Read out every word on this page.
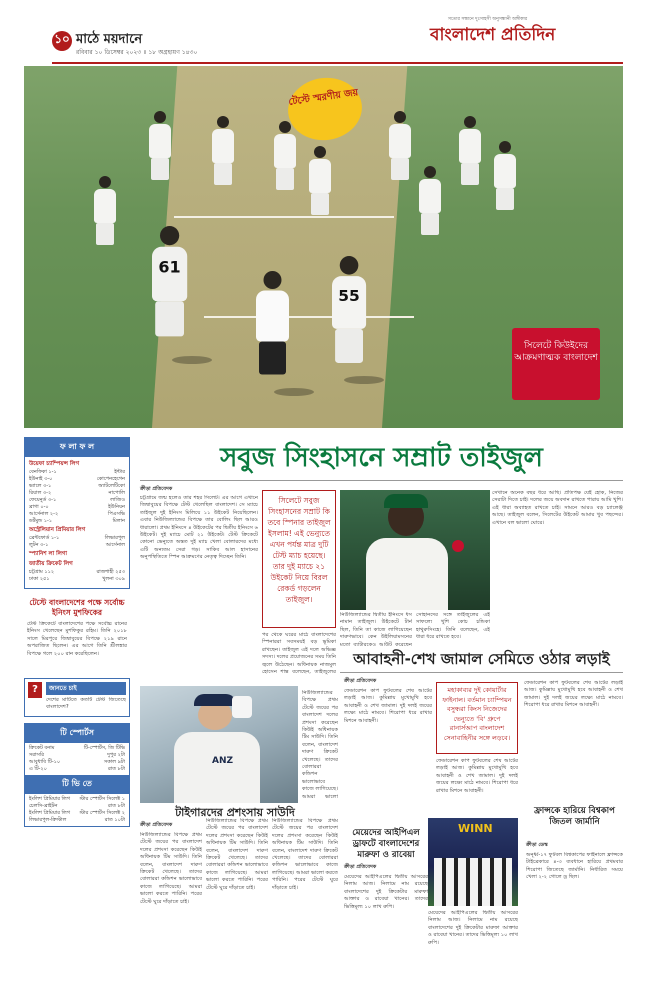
১০ মাঠে ময়দানে
রবিবার ১০ ডিসেম্বর ২০২৩ ॥ ১৮ অগ্রহায়ণ ১৪৩০
সত্যের সন্ধানে দুঃসাহসী অনুসন্ধানী অঙ্গীকার
বাংলাদেশ প্রতিদিন
61
55
টেস্টে স্মরণীয় জয়
সিলেটে কিউইদের আক্রমণাত্মক বাংলাদেশ
ফ লা ফ ল
উয়েফা চ্যাম্পিয়ন্স লিগ
বেনফিকা ১-১	ইন্টার
ইউনাই ৩-০	কোপেনহেগেন
ভ্যালে ৩-১	অ্যাটলেটিকো
রিয়াল ৩-২	নাপোলি
ফেয়েনুর্ড ৩-১	লাজিও
ব্রাগা ০-০	ইউনিয়ন
আর্সেনাল ২-২	পিএসভি
ডর্টমুন্ড ১-১	মিলান
অস্ট্রেলিয়ান প্রিমিয়ার লিগ
ব্রেন্টফোর্ড ১-১	লিভারপুল
লুটন ৩-১	আর্সেনাল
স্প্যানিশ লা লিগা
জাতীয় ক্রিকেট লিগ
চট্টগ্রাম ১১২	রাজশাহী ২৫৩
ঢাকা ২৫১	খুলনা ৩০৯
টেস্টে বাংলাদেশের পক্ষে সর্বোচ্চ ইনিংস মুশফিকের
টেস্ট ক্রিকেটে বাংলাদেশের পক্ষে সর্বোচ্চ রানের ইনিংস খেলেছেন মুশফিকুর রহিম। তিনি ২০১৮ সালে মিরপুরে জিম্বাবুয়ের বিপক্ষে ২১৯ রানে অপরাজিত ছিলেন। এর আগে তিনি শ্রীলঙ্কার বিপক্ষে গলে ২০০ রান করেছিলেন।
?	জানতে চাই
দেশের মাটিতে কতটি টেস্ট জিতেছে বাংলাদেশ?
টি স্পোর্টস
ক্রিকেট বনাম	টি-স্পোর্টস, জি টিভি
সরাসরি	দুপুর ২টা
আবুধাবি টি-১০	সকাল ৯টা
এ টি-২০	রাত ৮টা
টি ভি তে
ইংলিশ প্রিমিয়ার লিগ স্টার স্পোর্টস সিলেক্ট ১
চেলসি-ব্রাইটন	রাত ৮টা
ইংলিশ প্রিমিয়ার লিগ স্টার স্পোর্টস সিলেক্ট ২
লিভারপুল-ক্রিস্টাল	রাত ১০টা
সবুজ সিংহাসনে সম্রাট তাইজুল
ক্রীড়া প্রতিবেদক
চট্টগ্রামে জন্ম হলেও তার শহর সিলেট। এর আগে এখানে জিম্বাবুয়ের বিপক্ষে টেস্ট খেলেছিল বাংলাদেশ। সে ম্যাচে তাইজুল দুই ইনিংস মিলিয়ে ১১ উইকেট নিয়েছিলেন। এবার নিউজিল্যান্ডের বিপক্ষে তার বোলিং ছিল আরও ধারালো। প্রথম ইনিংসে ৪ উইকেটের পর দ্বিতীয় ইনিংসে ৬ উইকেট। দুই ম্যাচে মোট ২১ উইকেট। টেস্ট ক্রিকেটে কোনো ভেন্যুতে অন্তত দুই ম্যাচ খেলা বোলারদের মধ্যে এটি অন্যতম সেরা গড়। সাকিব আল হাসানের অনুপস্থিতিতে স্পিন আক্রমণের নেতৃত্ব দিচ্ছেন তিনি।
সিলেটে সবুজ সিংহাসনের সম্রাট কি তবে স্পিনার তাইজুল ইসলাম! এই ভেন্যুতে এখন পর্যন্ত মাত্র দুটি টেস্ট ম্যাচ হয়েছে। তার দুই ম্যাচে ২১ উইকেট নিয়ে বিরল রেকর্ড গড়লেন তাইজুল।
পর থেকে ঘরের মাঠে বাংলাদেশের স্পিনাররা সবসময়ই বড় ভূমিকা রাখছেন। তাইজুল এই দলে অভিজ্ঞ সদস্য। দলের প্রয়োজনের সময় তিনি জ্বলে উঠেছেন। অধিনায়ক নাজমুল হোসেন শান্ত বলেছেন, তাইজুলের
সেখানে অনেক বছর ধরে আছি। প্রতিপক্ষ যেই হোক, নিজের সেরাটা দিতে চাই। দলের জয়ে অবদান রাখতে পারায় আমি খুশি। এই ধারা অব্যাহত রাখতে চাই। সামনে আরও বড় চ্যালেঞ্জ আছে। তাইজুল বলেন, সিলেটের উইকেট আমার খুব পছন্দের। এখানে বল ভালো ঘোরে।
নিউজিল্যান্ডের দ্বিতীয় ইনিংসে ধস নামান তাইজুল। উইকেটে টার্ন ছিল, তিনি তা কাজে লাগিয়েছেন দারুণভাবে। কেন উইলিয়ামসনের মতো ব্যাটারকেও আউট করেছেন
সোহানদের সঙ্গে তাইজুলের এই সাফল্যে খুশি কোচ চন্ডিকা হাথুরুসিংহে। তিনি বলেছেন, এই ধারা ধরে রাখতে হবে।
আবাহনী-শেখ জামাল সেমিতে ওঠার লড়াই
ক্রীড়া প্রতিবেদক
ফেডারেশন কাপ ফুটবলের শেষ আটের লড়াই আজ। কুমিল্লায় মুখোমুখি হবে আবাহনী ও শেখ জামাল। দুই দলই জয়ের লক্ষ্যে মাঠে নামবে। শিরোপা ধরে রাখার মিশনে আবাহনী।
মহাকাব্যর দুই কোয়ার্টার ফাইনাল। বর্তমান চ্যাম্পিয়ন বসুন্ধরা কিংস নিজেদের ভেন্যুতে 'বি' গ্রুপে রানার্সআপ বাংলাদেশ সেনাবাহিনীর সঙ্গে লড়বে।
ফেডারেশন কাপ ফুটবলের শেষ আটের লড়াই আজ। কুমিল্লায় মুখোমুখি হবে আবাহনী ও শেখ জামাল। দুই দলই জয়ের লক্ষ্যে মাঠে নামবে। শিরোপা ধরে রাখার মিশনে আবাহনী।
ফেডারেশন কাপ ফুটবলের শেষ আটের লড়াই আজ। কুমিল্লায় মুখোমুখি হবে আবাহনী ও শেখ জামাল। দুই দলই জয়ের লক্ষ্যে মাঠে নামবে। শিরোপা ধরে রাখার মিশনে আবাহনী।
ANZ
নিউজিল্যান্ডের বিপক্ষে প্রথম টেস্টে জয়ের পর বাংলাদেশ দলের প্রশংসা করেছেন কিউই অধিনায়ক টিম সাউদি। তিনি বলেন, বাংলাদেশ দারুণ ক্রিকেট খেলেছে। তাদের বোলাররা কন্ডিশন ভালোভাবে কাজে লাগিয়েছে। আমরা ভালো
টাইগারদের প্রশংসায় সাউদি
ক্রীড়া প্রতিবেদক
নিউজিল্যান্ডের বিপক্ষে প্রথম টেস্টে জয়ের পর বাংলাদেশ দলের প্রশংসা করেছেন কিউই অধিনায়ক টিম সাউদি। তিনি বলেন, বাংলাদেশ দারুণ ক্রিকেট খেলেছে। তাদের বোলাররা কন্ডিশন ভালোভাবে কাজে লাগিয়েছে। আমরা ভালো করতে পারিনি। পরের টেস্টে ঘুরে দাঁড়াতে চাই।
নিউজিল্যান্ডের বিপক্ষে প্রথম টেস্টে জয়ের পর বাংলাদেশ দলের প্রশংসা করেছেন কিউই অধিনায়ক টিম সাউদি। তিনি বলেন, বাংলাদেশ দারুণ ক্রিকেট খেলেছে। তাদের বোলাররা কন্ডিশন ভালোভাবে কাজে লাগিয়েছে। আমরা ভালো করতে পারিনি। পরের টেস্টে ঘুরে দাঁড়াতে চাই।
নিউজিল্যান্ডের বিপক্ষে প্রথম টেস্টে জয়ের পর বাংলাদেশ দলের প্রশংসা করেছেন কিউই অধিনায়ক টিম সাউদি। তিনি বলেন, বাংলাদেশ দারুণ ক্রিকেট খেলেছে। তাদের বোলাররা কন্ডিশন ভালোভাবে কাজে লাগিয়েছে। আমরা ভালো করতে পারিনি। পরের টেস্টে ঘুরে দাঁড়াতে চাই।
মেয়েদের আইপিএল ড্রাফটে বাংলাদেশের মারুফা ও রাবেয়া
ক্রীড়া প্রতিবেদক
মেয়েদের আইপিএলের দ্বিতীয় আসরের নিলাম আজ। নিলামে নাম রয়েছে বাংলাদেশের দুই ক্রিকেটার মারুফা আক্তার ও রাবেয়া খানের। তাদের ভিত্তিমূল্য ১০ লাখ রুপি।
WINN
মেয়েদের আইপিএলের দ্বিতীয় আসরের নিলাম আজ। নিলামে নাম রয়েছে বাংলাদেশের দুই ক্রিকেটার মারুফা আক্তার ও রাবেয়া খানের। তাদের ভিত্তিমূল্য ১০ লাখ রুপি।
ফ্রান্সকে হারিয়ে বিশ্বকাপ জিতল জার্মানি
ক্রীড়া ডেস্ক
অনূর্ধ্ব-১৭ ফুটবল বিশ্বকাপের ফাইনালে ফ্রান্সকে টাইব্রেকারে ৪-৩ ব্যবধানে হারিয়ে প্রথমবার শিরোপা জিতেছে জার্মানি। নির্ধারিত সময়ে খেলা ২-২ গোলে ড্র ছিল।
